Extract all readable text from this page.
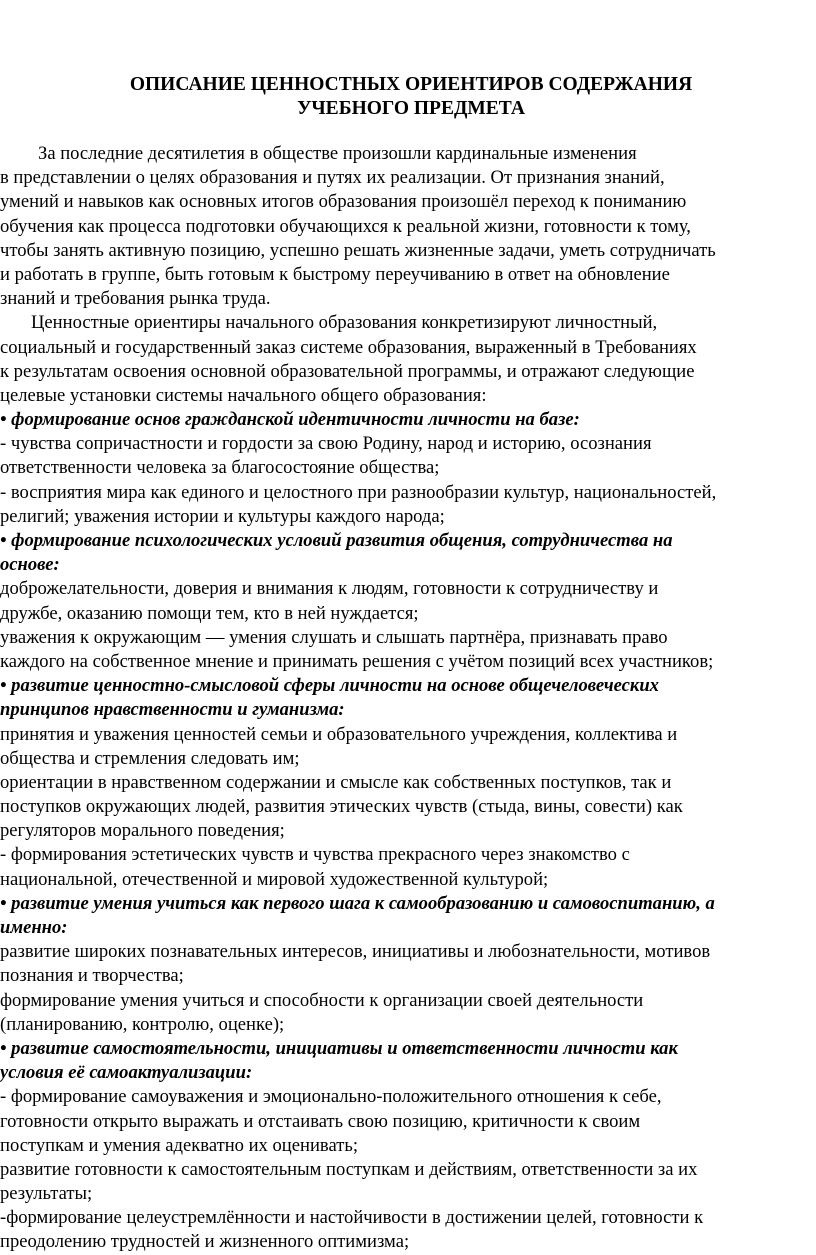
ОПИСАНИЕ ЦЕННОСТНЫХ ОРИЕНТИРОВ СОДЕРЖАНИЯ
УЧЕБНОГО ПРЕДМЕТА

За последние десятилетия в обществе произошли кардинальные изменения

в представлении о целях образования и путях их реализации. От признания знаний,

умений и навыков как основных итогов образования произошёл переход к пониманию

обучения как процесса подготовки обучающихся к реальной жизни, готовности к тому,

чтобы занять активную позицию, успешно решать жизненные задачи, уметь сотрудничать

и работать в группе, быть готовым к быстрому переучиванию в ответ на обновление

знаний и требования рынка труда.

Ценностные ориентиры начального образования конкретизируют личностный,

социальный и государственный заказ системе образования, выраженный в Требованиях

к результатам освоения основной образовательной программы, и отражают следующие

целевые установки системы начального общего образования:

• формирование основ гражданской идентичности личности на базе:

- чувства сопричастности и гордости за свою Родину, народ и историю, осознания

ответственности человека за благосостояние общества;

- восприятия мира как единого и целостного при разнообразии культур, национальностей,

религий; уважения истории и культуры каждого народа;

• формирование психологических условий развития общения, сотрудничества на

основе:

доброжелательности, доверия и внимания к людям, готовности к сотрудничеству и

дружбе, оказанию помощи тем, кто в ней нуждается;

уважения к окружающим — умения слушать и слышать партнёра, признавать право

каждого на собственное мнение и принимать решения с учётом позиций всех участников;

• развитие ценностно-смысловой сферы личности на основе общечеловеческих

принципов нравственности и гуманизма:

принятия и уважения ценностей семьи и образовательного учреждения, коллектива и

общества и стремления следовать им;

ориентации в нравственном содержании и смысле как собственных поступков, так и

поступков окружающих людей, развития этических чувств (стыда, вины, совести) как

регуляторов морального поведения;

- формирования эстетических чувств и чувства прекрасного через знакомство с

национальной, отечественной и мировой художественной культурой;

• развитие умения учиться как первого шага к самообразованию и самовоспитанию, а

именно:

развитие широких познавательных интересов, инициативы и любознательности, мотивов

познания и творчества;

формирование умения учиться и способности к организации своей деятельности

(планированию, контролю, оценке);

• развитие самостоятельности, инициативы и ответственности личности как

условия её самоактуализации:

- формирование самоуважения и эмоционально-положительного отношения к себе,

готовности открыто выражать и отстаивать свою позицию, критичности к своим

поступкам и умения адекватно их оценивать;

развитие готовности к самостоятельным поступкам и действиям, ответственности за их

результаты;

-формирование целеустремлённости и настойчивости в достижении целей, готовности к

преодолению трудностей и жизненного оптимизма;
